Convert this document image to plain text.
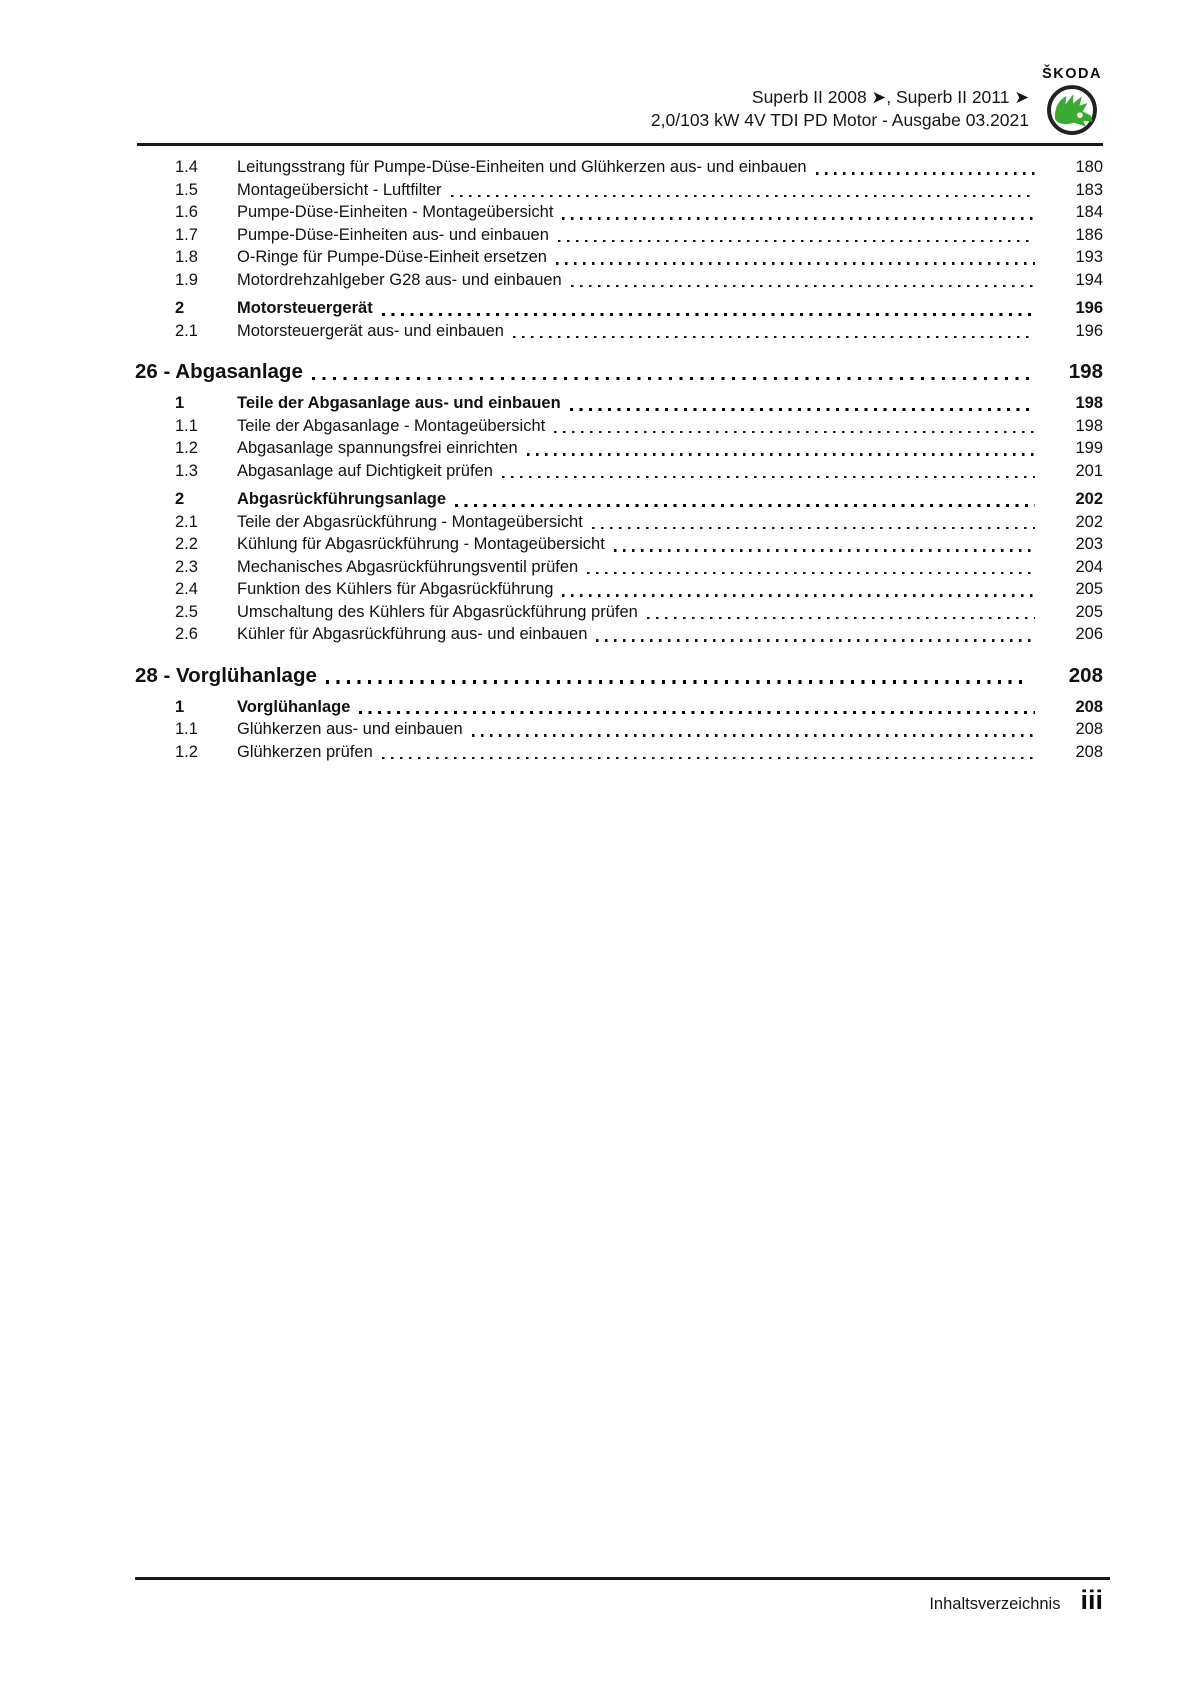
Superb II 2008 ➤, Superb II 2011 ➤
2,0/103 kW 4V TDI PD Motor - Ausgabe 03.2021
ŠKODA
1.4	Leitungsstrang für Pumpe-Düse-Einheiten und Glühkerzen aus- und einbauen	180
1.5	Montageübersicht - Luftfilter	183
1.6	Pumpe-Düse-Einheiten - Montageübersicht	184
1.7	Pumpe-Düse-Einheiten aus- und einbauen	186
1.8	O-Ringe für Pumpe-Düse-Einheit ersetzen	193
1.9	Motordrehzahlgeber G28 aus- und einbauen	194
2	Motorsteuergerät	196
2.1	Motorsteuergerät aus- und einbauen	196
26 - Abgasanlage	198
1	Teile der Abgasanlage aus- und einbauen	198
1.1	Teile der Abgasanlage - Montageübersicht	198
1.2	Abgasanlage spannungsfrei einrichten	199
1.3	Abgasanlage auf Dichtigkeit prüfen	201
2	Abgasrückführungsanlage	202
2.1	Teile der Abgasrückführung - Montageübersicht	202
2.2	Kühlung für Abgasrückführung - Montageübersicht	203
2.3	Mechanisches Abgasrückführungsventil prüfen	204
2.4	Funktion des Kühlers für Abgasrückführung	205
2.5	Umschaltung des Kühlers für Abgasrückführung prüfen	205
2.6	Kühler für Abgasrückführung aus- und einbauen	206
28 - Vorglühanlage	208
1	Vorglühanlage	208
1.1	Glühkerzen aus- und einbauen	208
1.2	Glühkerzen prüfen	208
Inhaltsverzeichnis iii
